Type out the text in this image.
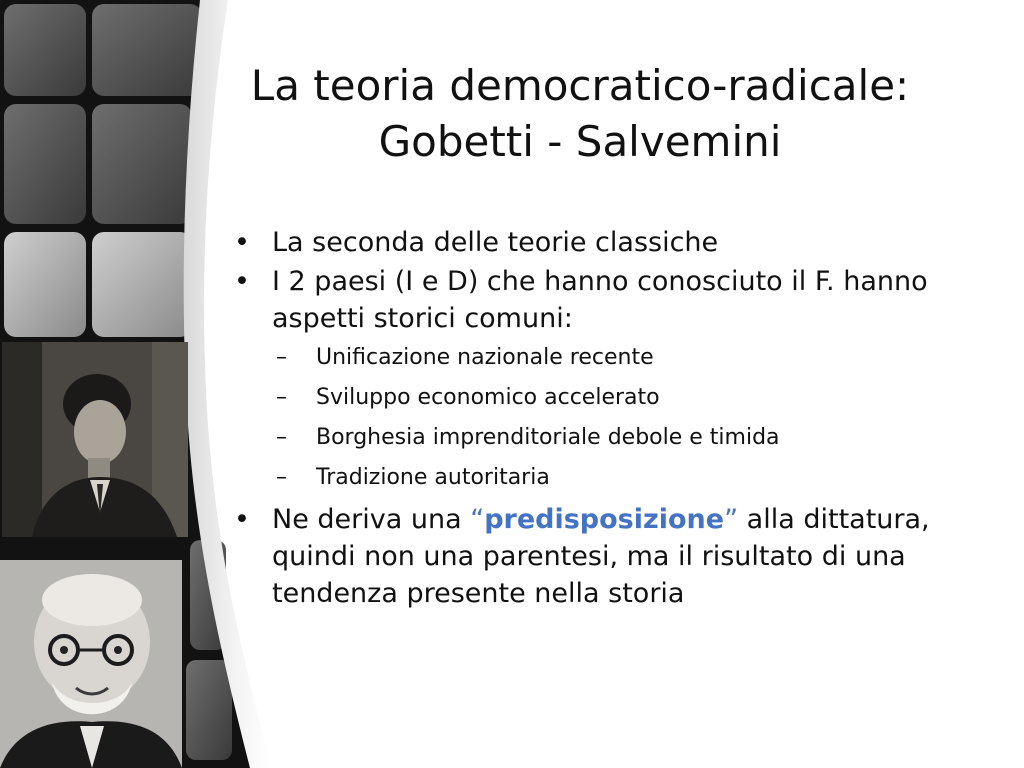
La teoria democratico-radicale:
Gobetti - Salvemini
• La seconda delle teorie classiche
• I 2 paesi (I e D) che hanno conosciuto il F. hanno aspetti storici comuni:
– Unificazione nazionale recente
– Sviluppo economico accelerato
– Borghesia imprenditoriale debole e timida
– Tradizione autoritaria
• Ne deriva una “predisposizione” alla dittatura, quindi non una parentesi, ma il risultato di una tendenza presente nella storia
